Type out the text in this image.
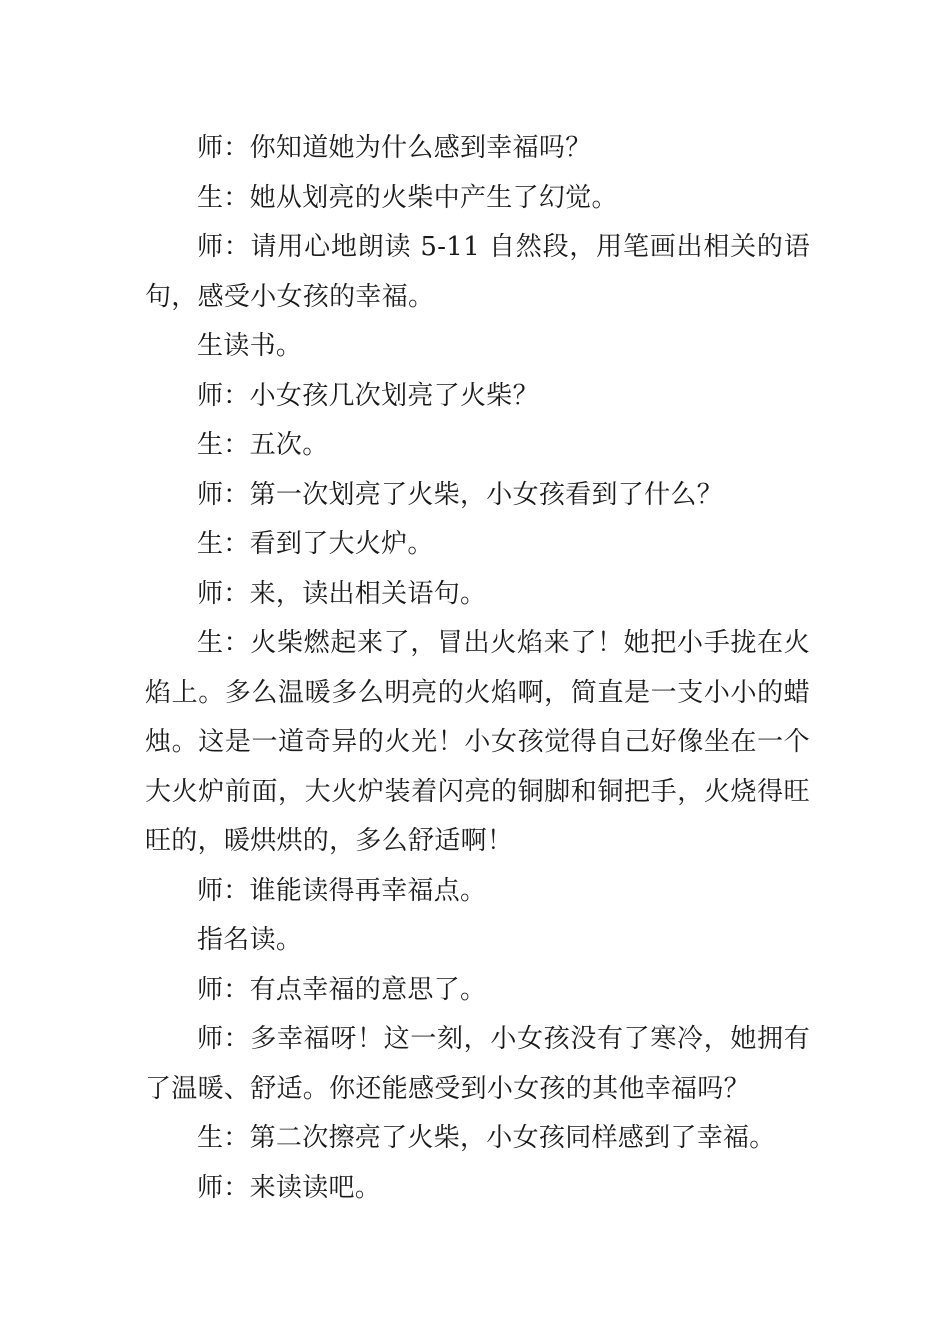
师：你知道她为什么感到幸福吗？

生：她从划亮的火柴中产生了幻觉。

师：请用心地朗读 5-11 自然段，用笔画出相关的语句，感受小女孩的幸福。

生读书。

师：小女孩几次划亮了火柴？

生：五次。

师：第一次划亮了火柴，小女孩看到了什么？

生：看到了大火炉。

师：来，读出相关语句。

生：火柴燃起来了，冒出火焰来了！她把小手拢在火焰上。多么温暖多么明亮的火焰啊，简直是一支小小的蜡烛。这是一道奇异的火光！小女孩觉得自己好像坐在一个大火炉前面，大火炉装着闪亮的铜脚和铜把手，火烧得旺旺的，暖烘烘的，多么舒适啊！

师：谁能读得再幸福点。

指名读。

师：有点幸福的意思了。

师：多幸福呀！这一刻，小女孩没有了寒冷，她拥有了温暖、舒适。你还能感受到小女孩的其他幸福吗？

生：第二次擦亮了火柴，小女孩同样感到了幸福。

师：来读读吧。
